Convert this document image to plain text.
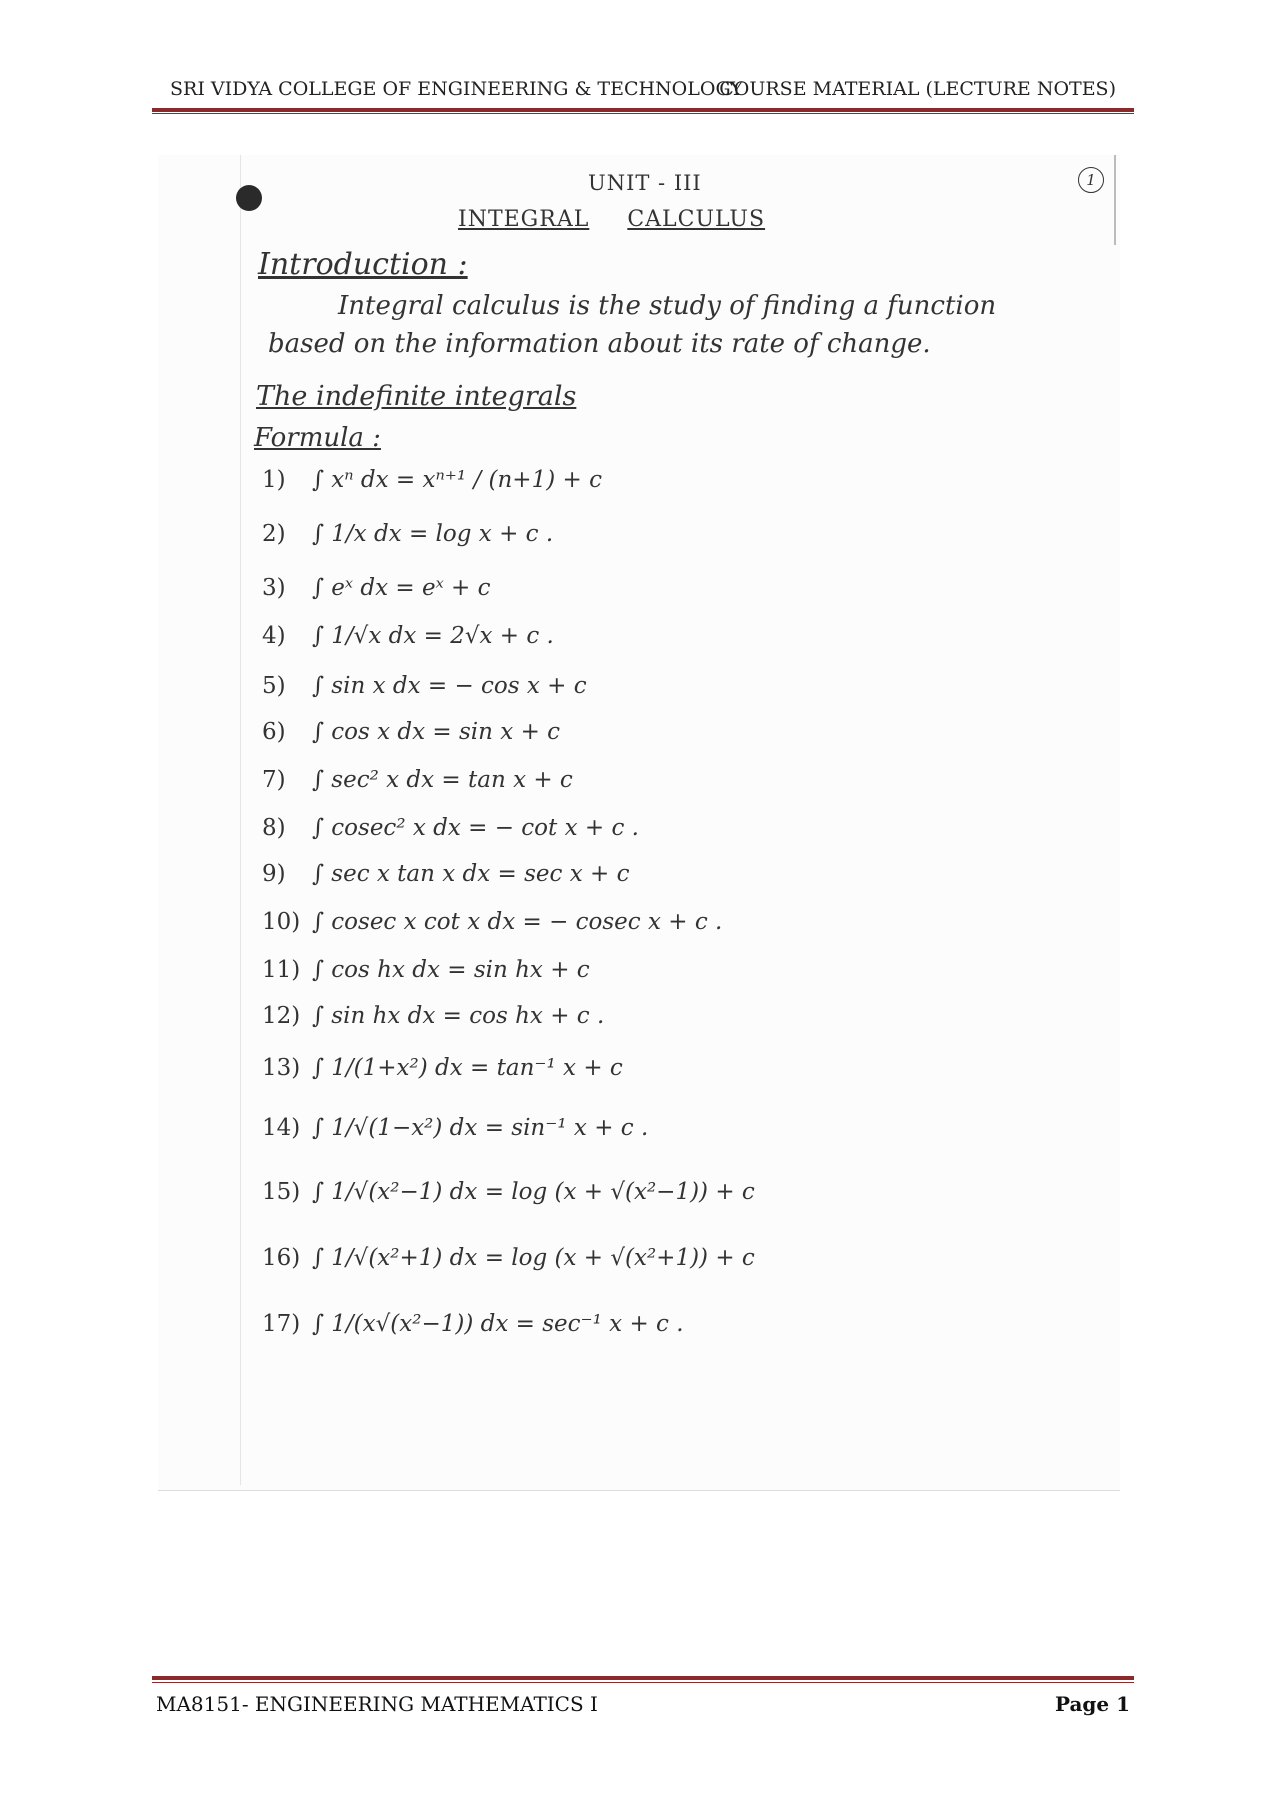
SRI VIDYA COLLEGE OF ENGINEERING & TECHNOLOGY
COURSE MATERIAL (LECTURE NOTES)
1
UNIT - III
INTEGRAL CALCULUS
Introduction :
Integral calculus is the study of finding a function
based on the information about its rate of change.
The indefinite integrals
Formula :
1) ∫ xⁿ dx = xⁿ⁺¹ / (n+1) + c
2) ∫ 1/x dx = log x + c .
3) ∫ eˣ dx = eˣ + c
4) ∫ 1/√x dx = 2√x + c .
5) ∫ sin x dx = − cos x + c
6) ∫ cos x dx = sin x + c
7) ∫ sec² x dx = tan x + c
8) ∫ cosec² x dx = − cot x + c .
9) ∫ sec x tan x dx = sec x + c
10) ∫ cosec x cot x dx = − cosec x + c .
11) ∫ cos hx dx = sin hx + c
12) ∫ sin hx dx = cos hx + c .
13) ∫ 1/(1+x²) dx = tan⁻¹ x + c
14) ∫ 1/√(1−x²) dx = sin⁻¹ x + c .
15) ∫ 1/√(x²−1) dx = log (x + √(x²−1)) + c
16) ∫ 1/√(x²+1) dx = log (x + √(x²+1)) + c
17) ∫ 1/(x√(x²−1)) dx = sec⁻¹ x + c .
MA8151- ENGINEERING MATHEMATICS I	Page 1
